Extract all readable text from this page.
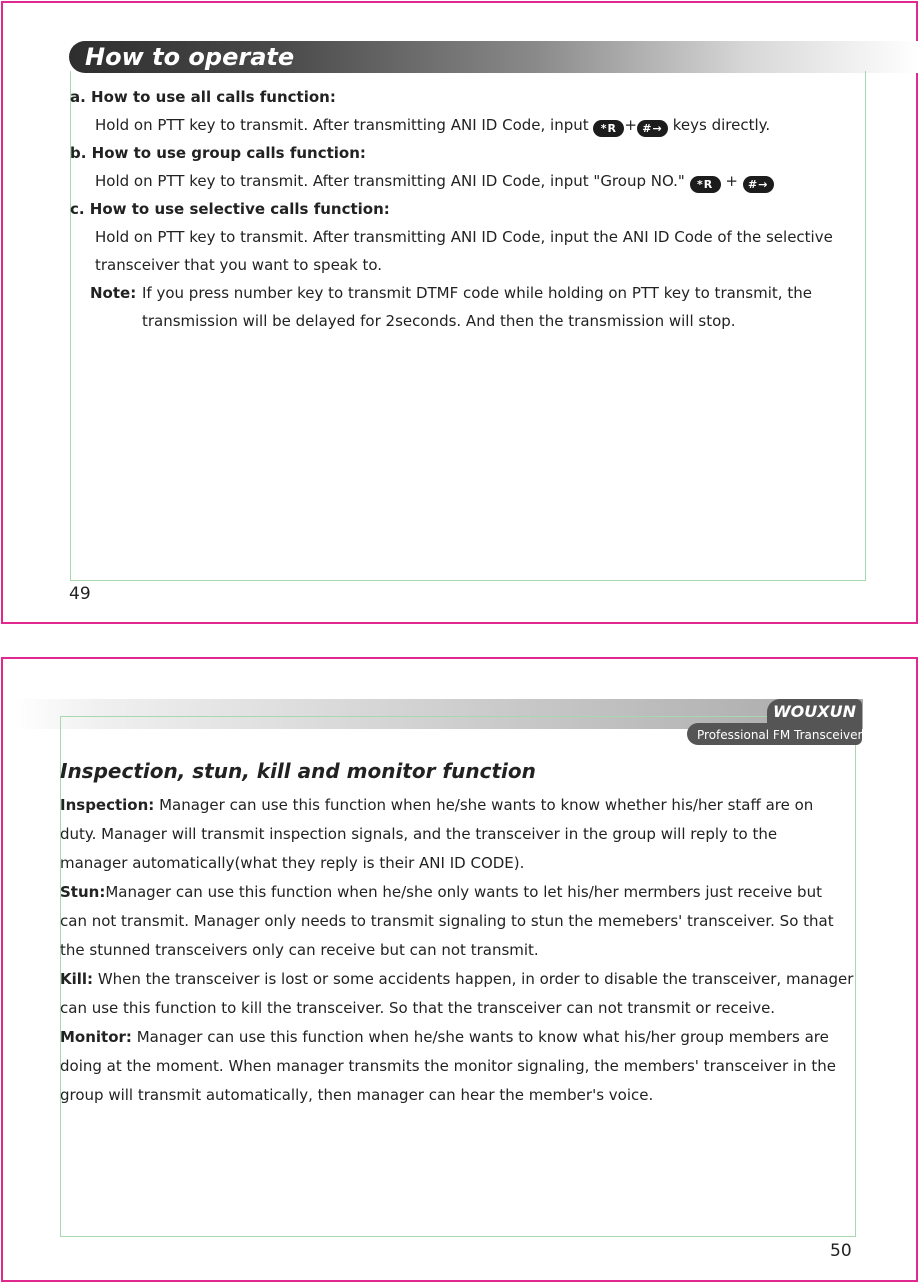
How to operate

a. How to use all calls function:

Hold on PTT key to transmit. After transmitting ANI ID Code, input *R + #→ keys directly.

b. How to use group calls function:

Hold on PTT key to transmit. After transmitting ANI ID Code, input "Group NO." *R + #→

c. How to use selective calls function:

Hold on PTT key to transmit. After transmitting ANI ID Code, input the ANI ID Code of the selective

transceiver that you want to speak to.

Note: If you press number key to transmit DTMF code while holding on PTT key to transmit, the
transmission will be delayed for 2seconds. And then the transmission will stop.

49

WOUXUN

Professional FM Transceiver

Inspection, stun, kill and monitor function

Inspection: Manager can use this function when he/she wants to know whether his/her staff are on
duty. Manager will transmit inspection signals, and the transceiver in the group will reply to the
manager automatically(what they reply is their ANI ID CODE).

Stun:Manager can use this function when he/she only wants to let his/her mermbers just receive but
can not transmit. Manager only needs to transmit signaling to stun the memebers' transceiver. So that
the stunned transceivers only can receive but can not transmit.

Kill: When the transceiver is lost or some accidents happen, in order to disable the transceiver, manager
can use this function to kill the transceiver. So that the transceiver can not transmit or receive.

Monitor: Manager can use this function when he/she wants to know what his/her group members are
doing at the moment. When manager transmits the monitor signaling, the members' transceiver in the
group will transmit automatically, then manager can hear the member's voice.

50
